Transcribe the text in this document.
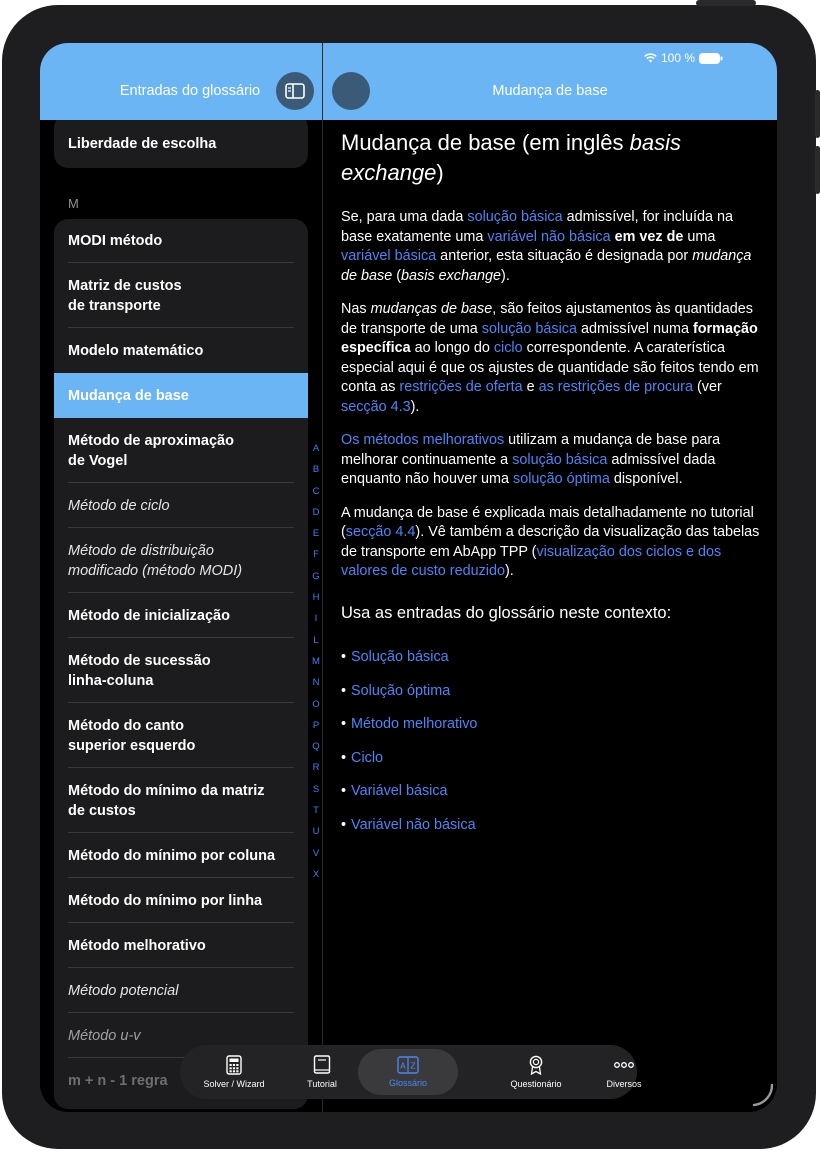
100 %
Entradas do glossário	Mudança de base
Liberdade de escolha
M
MODI método
Matriz de custos
de transporte
Modelo matemático
Mudança de base
Método de aproximação
de Vogel
Método de ciclo
Método de distribuição
modificado (método MODI)
Método de inicialização
Método de sucessão
linha-coluna
Método do canto
superior esquerdo
Método do mínimo da matriz
de custos
Método do mínimo por coluna
Método do mínimo por linha
Método melhorativo
Método potencial
Método u-v
m + n - 1 regra
A
B
C
D
E
F
G
H
I
L
M
N
O
P
Q
R
S
T
U
V
X
Mudança de base (em inglês basis exchange)

Se, para uma dada solução básica admissível, for incluída na base exatamente uma variável não básica em vez de uma variável básica anterior, esta situação é designada por mudança de base (basis exchange).

Nas mudanças de base, são feitos ajustamentos às quantidades de transporte de uma solução básica admissível numa formação específica ao longo do ciclo correspondente. A caraterística especial aqui é que os ajustes de quantidade são feitos tendo em conta as restrições de oferta e as restrições de procura (ver secção 4.3).

Os métodos melhorativos utilizam a mudança de base para melhorar continuamente a solução básica admissível dada enquanto não houver uma solução óptima disponível.

A mudança de base é explicada mais detalhadamente no tutorial (secção 4.4). Vê também a descrição da visualização das tabelas de transporte em AbApp TPP (visualização dos ciclos e dos valores de custo reduzido).

Usa as entradas do glossário neste contexto:
• Solução básica
• Solução óptima
• Método melhorativo
• Ciclo
• Variável básica
• Variável não básica
Solver / Wizard	Tutorial
A Z
Glossário	Questionário	Diversos
